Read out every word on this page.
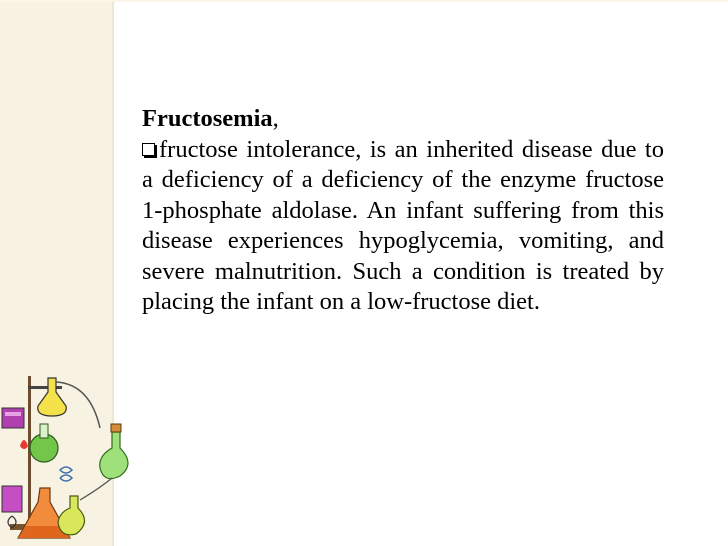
Fructosemia,

fructose intolerance, is an inherited disease due to a deficiency of a deficiency of the enzyme fructose 1-phosphate aldolase. An infant suffering from this disease experiences hypoglycemia, vomiting, and severe malnutrition. Such a condition is treated by placing the infant on a low-fructose diet.
